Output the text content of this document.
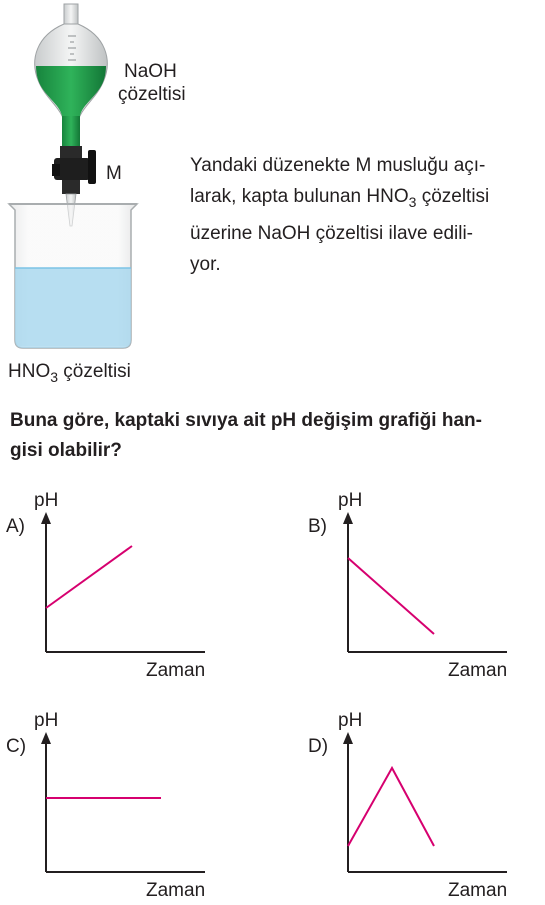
NaOH
çözeltisi
M
$HNO_3$ çözeltisi
Yandaki düzenekte M musluğu açı-
larak, kapta bulunan $HNO_3$ çözeltisi
üzerine NaOH çözeltisi ilave edili-
yor.
Buna göre, kaptaki sıvıya ait pH değişim grafiği han-
gisi olabilir?
A)
pH
Zaman
B)
pH
Zaman
C)
pH
Zaman
D)
pH
Zaman
